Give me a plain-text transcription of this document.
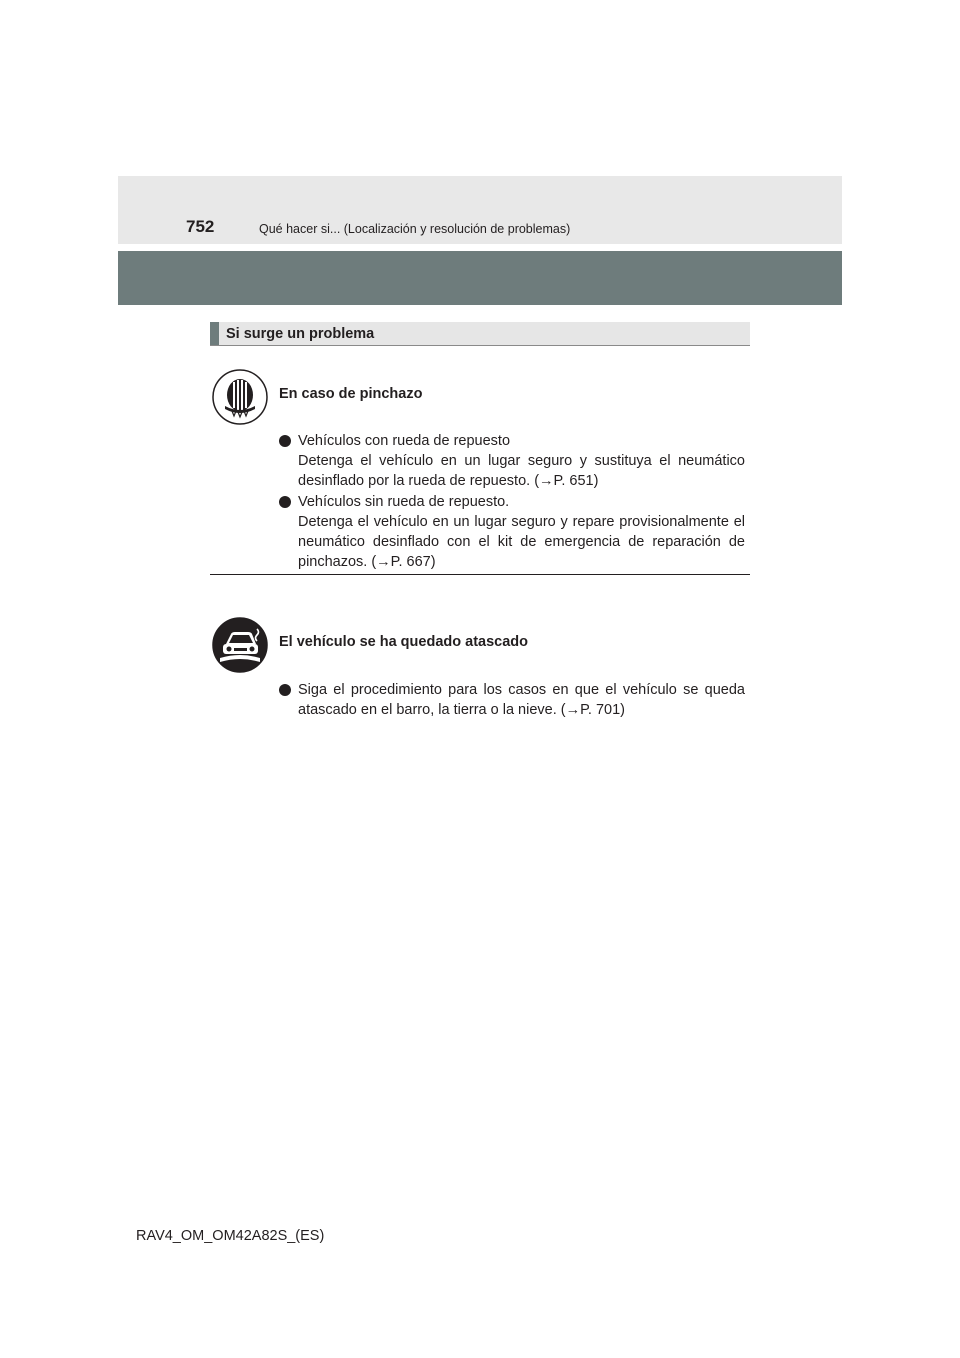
752	Qué hacer si... (Localización y resolución de problemas)
Si surge un problema
En caso de pinchazo
Vehículos con rueda de repuesto
Detenga el vehículo en un lugar seguro y sustituya el neumático desinflado por la rueda de repuesto. (→P. 651)
Vehículos sin rueda de repuesto.
Detenga el vehículo en un lugar seguro y repare provisionalmente el neumático desinflado con el kit de emergencia de reparación de pinchazos. (→P. 667)
El vehículo se ha quedado atascado
Siga el procedimiento para los casos en que el vehículo se queda atascado en el barro, la tierra o la nieve. (→P. 701)
RAV4_OM_OM42A82S_(ES)
